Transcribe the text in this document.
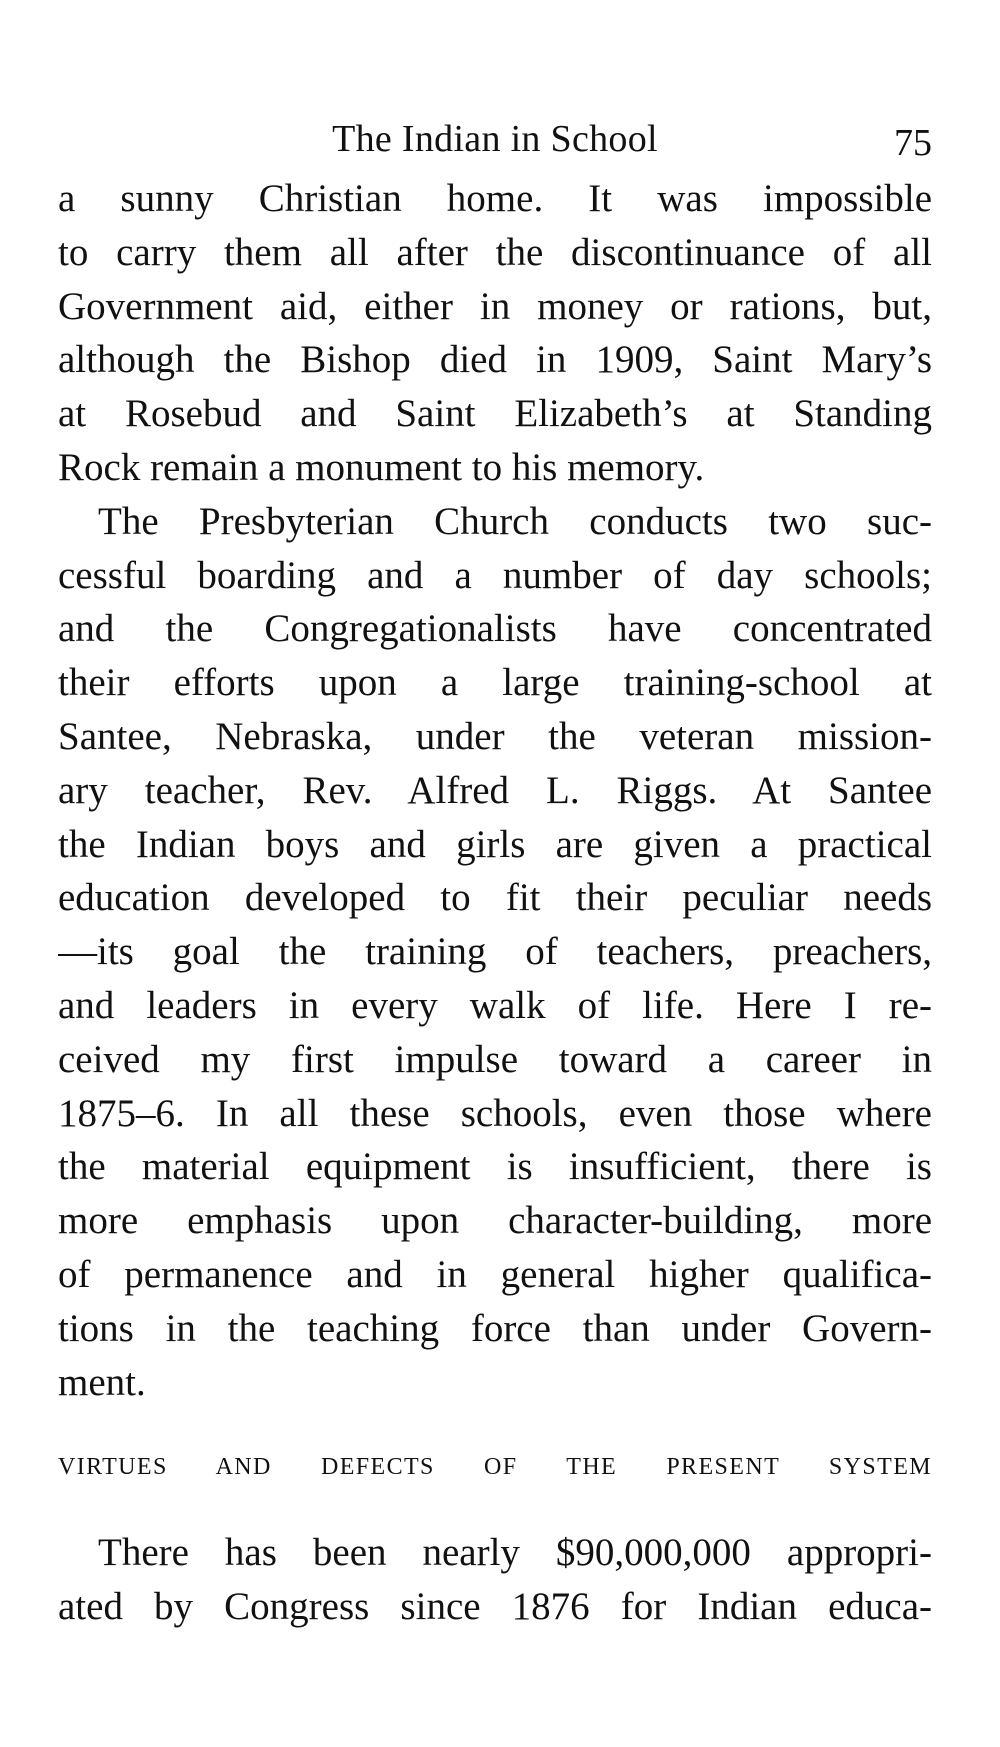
The Indian in School	75
a sunny Christian home. It was impossible
to carry them all after the discontinuance of all
Government aid, either in money or rations, but,
although the Bishop died in 1909, Saint Mary’s
at Rosebud and Saint Elizabeth’s at Standing
Rock remain a monument to his memory.
The Presbyterian Church conducts two suc-
cessful boarding and a number of day schools;
and the Congregationalists have concentrated
their efforts upon a large training-school at
Santee, Nebraska, under the veteran mission-
ary teacher, Rev. Alfred L. Riggs. At Santee
the Indian boys and girls are given a practical
education developed to fit their peculiar needs
—its goal the training of teachers, preachers,
and leaders in every walk of life. Here I re-
ceived my first impulse toward a career in
1875–6. In all these schools, even those where
the material equipment is insufficient, there is
more emphasis upon character-building, more
of permanence and in general higher qualifica-
tions in the teaching force than under Govern-
ment.
VIRTUES AND DEFECTS OF THE PRESENT SYSTEM
There has been nearly $90,000,000 appropri-
ated by Congress since 1876 for Indian educa-
